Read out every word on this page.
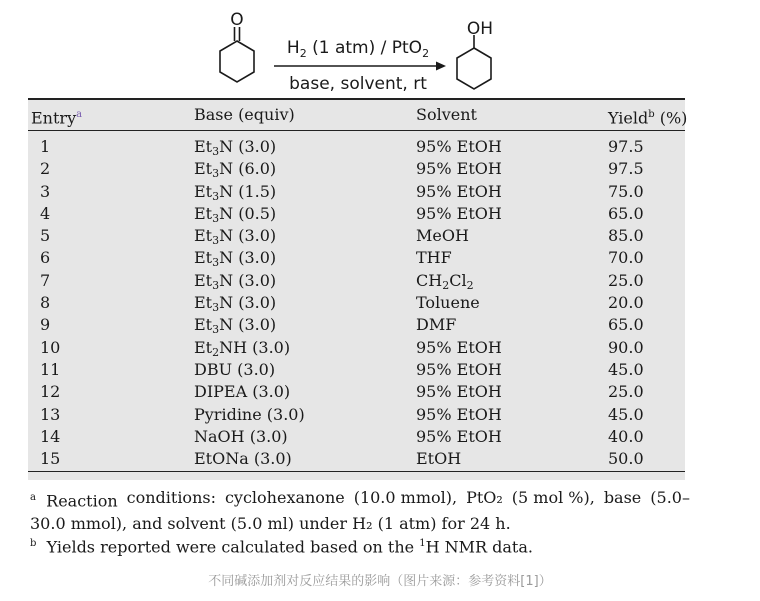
O
$H_2$ (1 atm) / PtO$_2$
base, solvent, rt
OH
Entry$^a$	Base (equiv)	Solvent	Yield$^b$ (%)
1	$Et_3N$ (3.0)	95% EtOH	97.5
2	$Et_3N$ (6.0)	95% EtOH	97.5
3	$Et_3N$ (1.5)	95% EtOH	75.0
4	$Et_3N$ (0.5)	95% EtOH	65.0
5	$Et_3N$ (3.0)	MeOH	85.0
6	$Et_3N$ (3.0)	THF	70.0
7	$Et_3N$ (3.0)	$CH_2Cl_2$	25.0
8	$Et_3N$ (3.0)	Toluene	20.0
9	$Et_3N$ (3.0)	DMF	65.0
10	$Et_2NH$ (3.0)	95% EtOH	90.0
11	DBU (3.0)	95% EtOH	45.0
12	DIPEA (3.0)	95% EtOH	25.0
13	Pyridine (3.0)	95% EtOH	45.0
14	NaOH (3.0)	95% EtOH	40.0
15	EtONa (3.0)	EtOH	50.0
$^a$  Reaction conditions: cyclohexanone (10.0 mmol), PtO₂ (5 mol %), base (5.0–
30.0 mmol), and solvent (5.0 ml) under H₂ (1 atm) for 24 h.
$^b$ Yields reported were calculated based on the $^1$H NMR data.
不同碱添加剂对反应结果的影响（图片来源：参考资料[1]）
